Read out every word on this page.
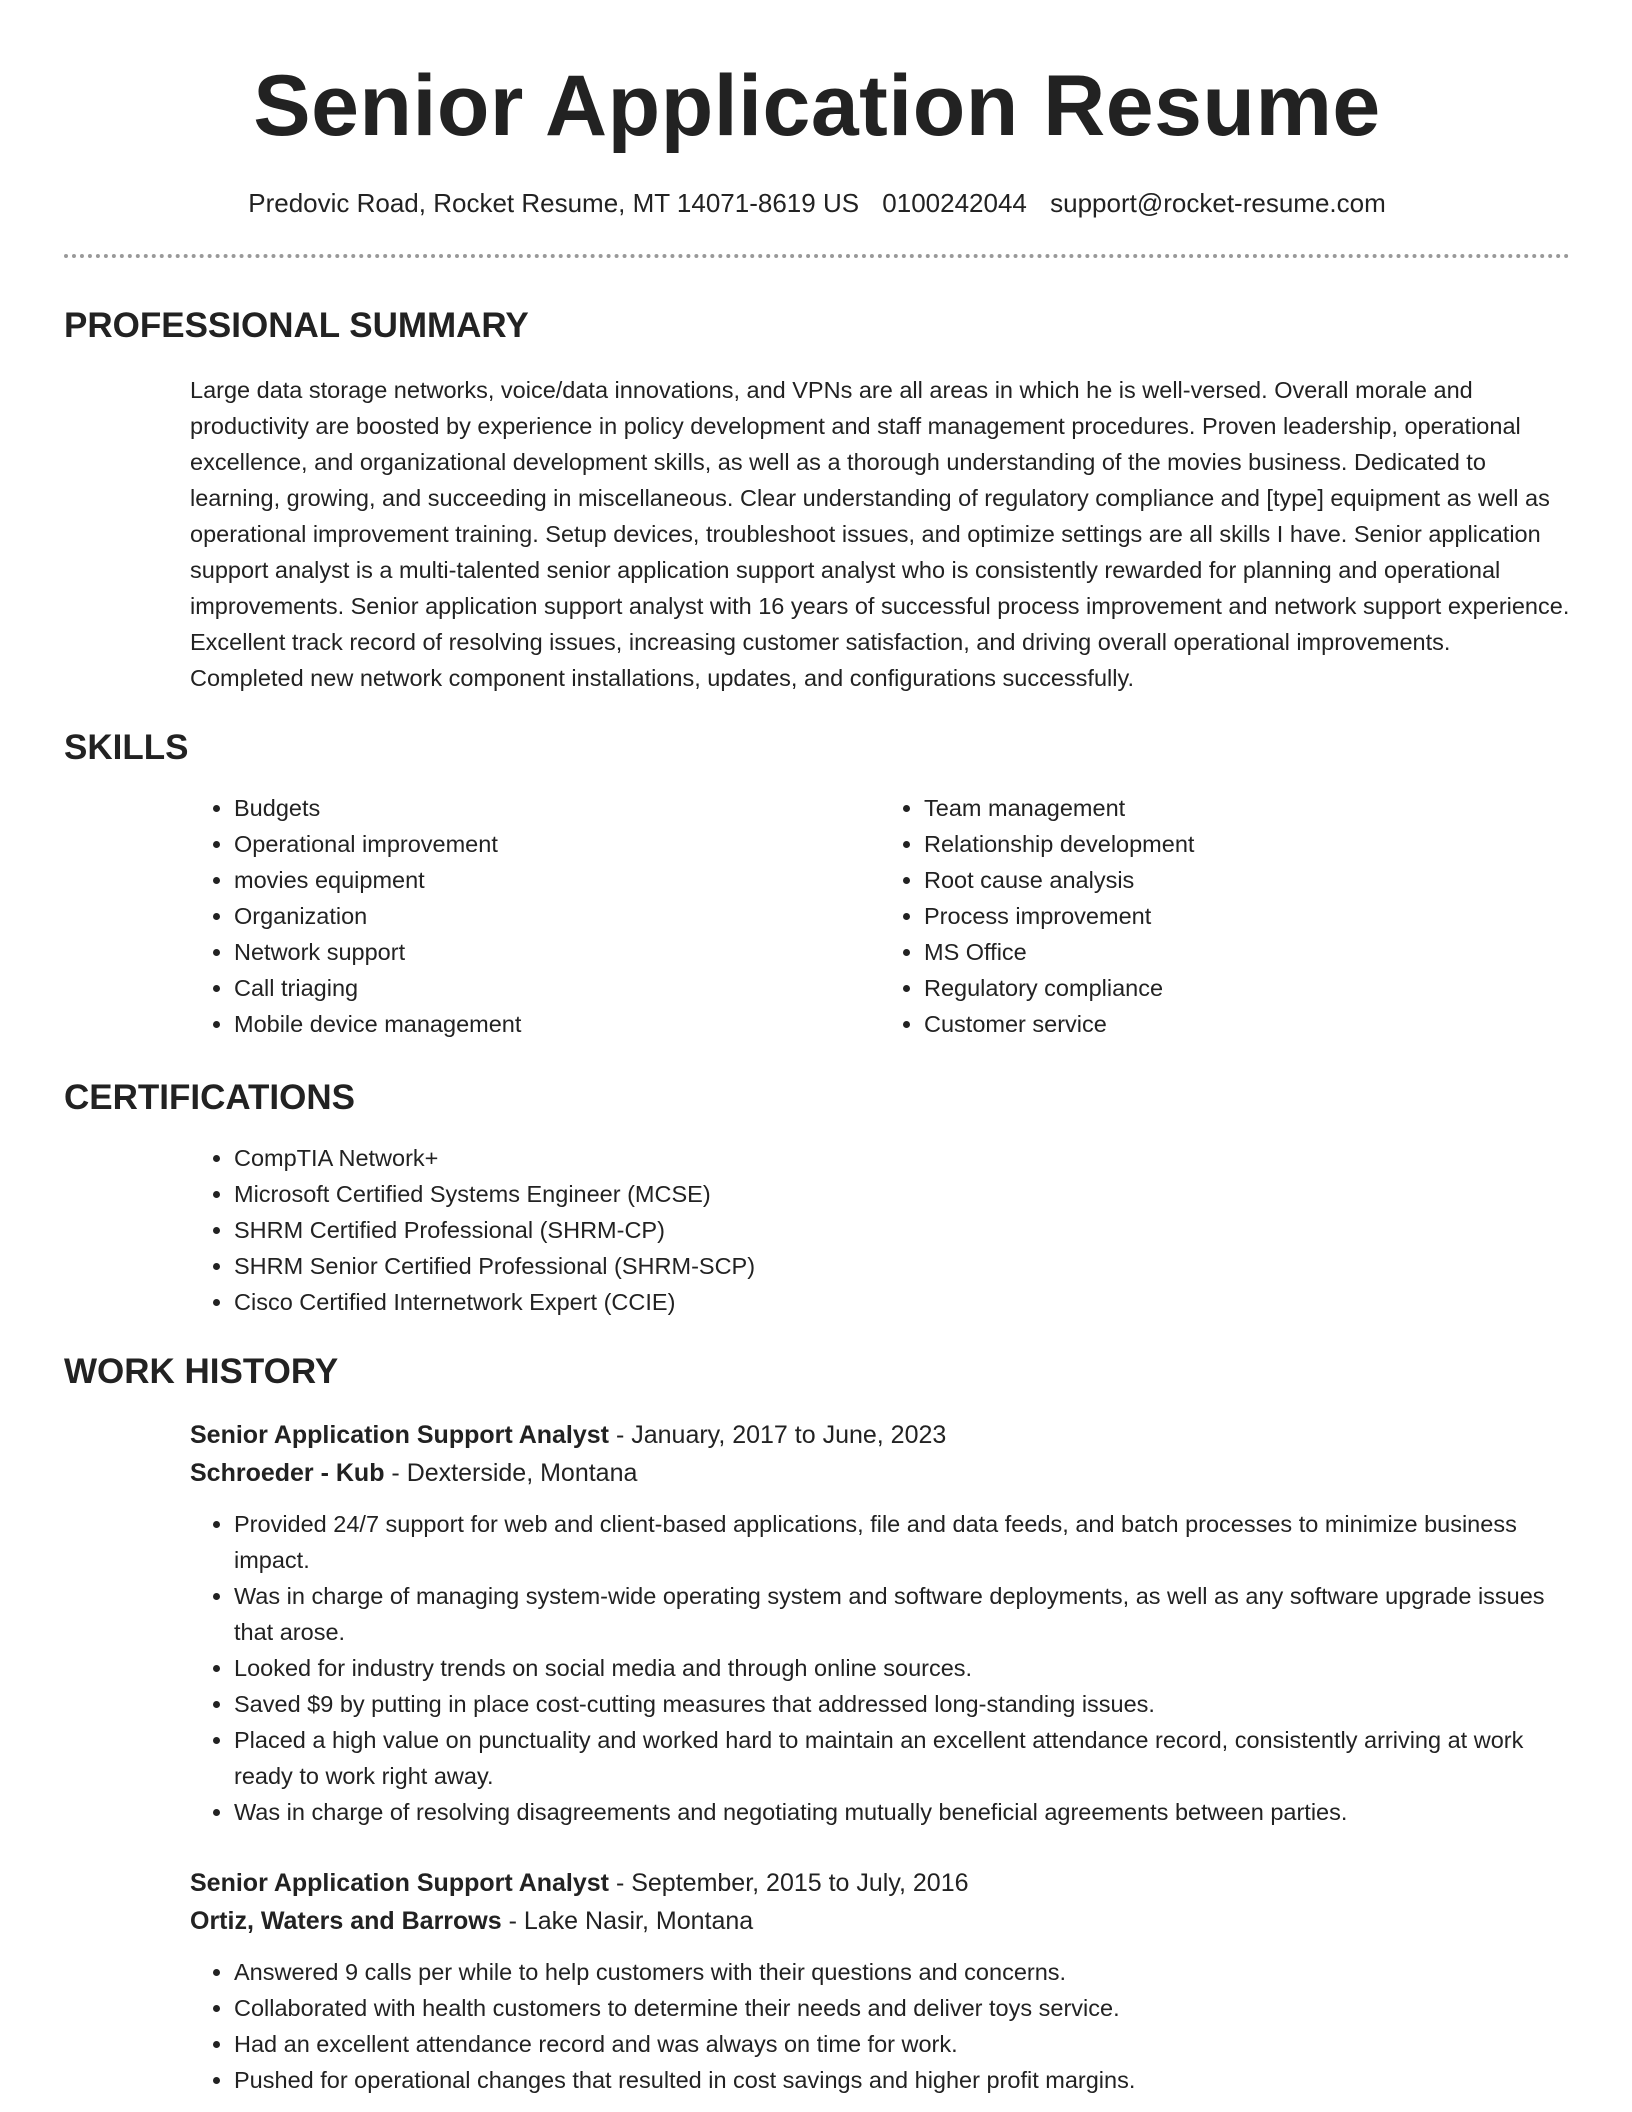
Senior Application Resume
Predovic Road, Rocket Resume, MT 14071-8619 US 0100242044 support@rocket-resume.com
PROFESSIONAL SUMMARY

Large data storage networks, voice/data innovations, and VPNs are all areas in which he is well-versed. Overall morale and productivity are boosted by experience in policy development and staff management procedures. Proven leadership, operational excellence, and organizational development skills, as well as a thorough understanding of the movies business. Dedicated to learning, growing, and succeeding in miscellaneous. Clear understanding of regulatory compliance and [type] equipment as well as operational improvement training. Setup devices, troubleshoot issues, and optimize settings are all skills I have. Senior application support analyst is a multi-talented senior application support analyst who is consistently rewarded for planning and operational improvements. Senior application support analyst with 16 years of successful process improvement and network support experience. Excellent track record of resolving issues, increasing customer satisfaction, and driving overall operational improvements. Completed new network component installations, updates, and configurations successfully.

SKILLS
• Budgets
• Operational improvement
• movies equipment
• Organization
• Network support
• Call triaging
• Mobile device management
• Team management
• Relationship development
• Root cause analysis
• Process improvement
• MS Office
• Regulatory compliance
• Customer service
CERTIFICATIONS
• CompTIA Network+
• Microsoft Certified Systems Engineer (MCSE)
• SHRM Certified Professional (SHRM-CP)
• SHRM Senior Certified Professional (SHRM-SCP)
• Cisco Certified Internetwork Expert (CCIE)
WORK HISTORY
Senior Application Support Analyst - January, 2017 to June, 2023
Schroeder - Kub - Dexterside, Montana
• Provided 24/7 support for web and client-based applications, file and data feeds, and batch processes to minimize business impact.
• Was in charge of managing system-wide operating system and software deployments, as well as any software upgrade issues that arose.
• Looked for industry trends on social media and through online sources.
• Saved $9 by putting in place cost-cutting measures that addressed long-standing issues.
• Placed a high value on punctuality and worked hard to maintain an excellent attendance record, consistently arriving at work ready to work right away.
• Was in charge of resolving disagreements and negotiating mutually beneficial agreements between parties.
Senior Application Support Analyst - September, 2015 to July, 2016
Ortiz, Waters and Barrows - Lake Nasir, Montana
• Answered 9 calls per while to help customers with their questions and concerns.
• Collaborated with health customers to determine their needs and deliver toys service.
• Had an excellent attendance record and was always on time for work.
• Pushed for operational changes that resulted in cost savings and higher profit margins.
